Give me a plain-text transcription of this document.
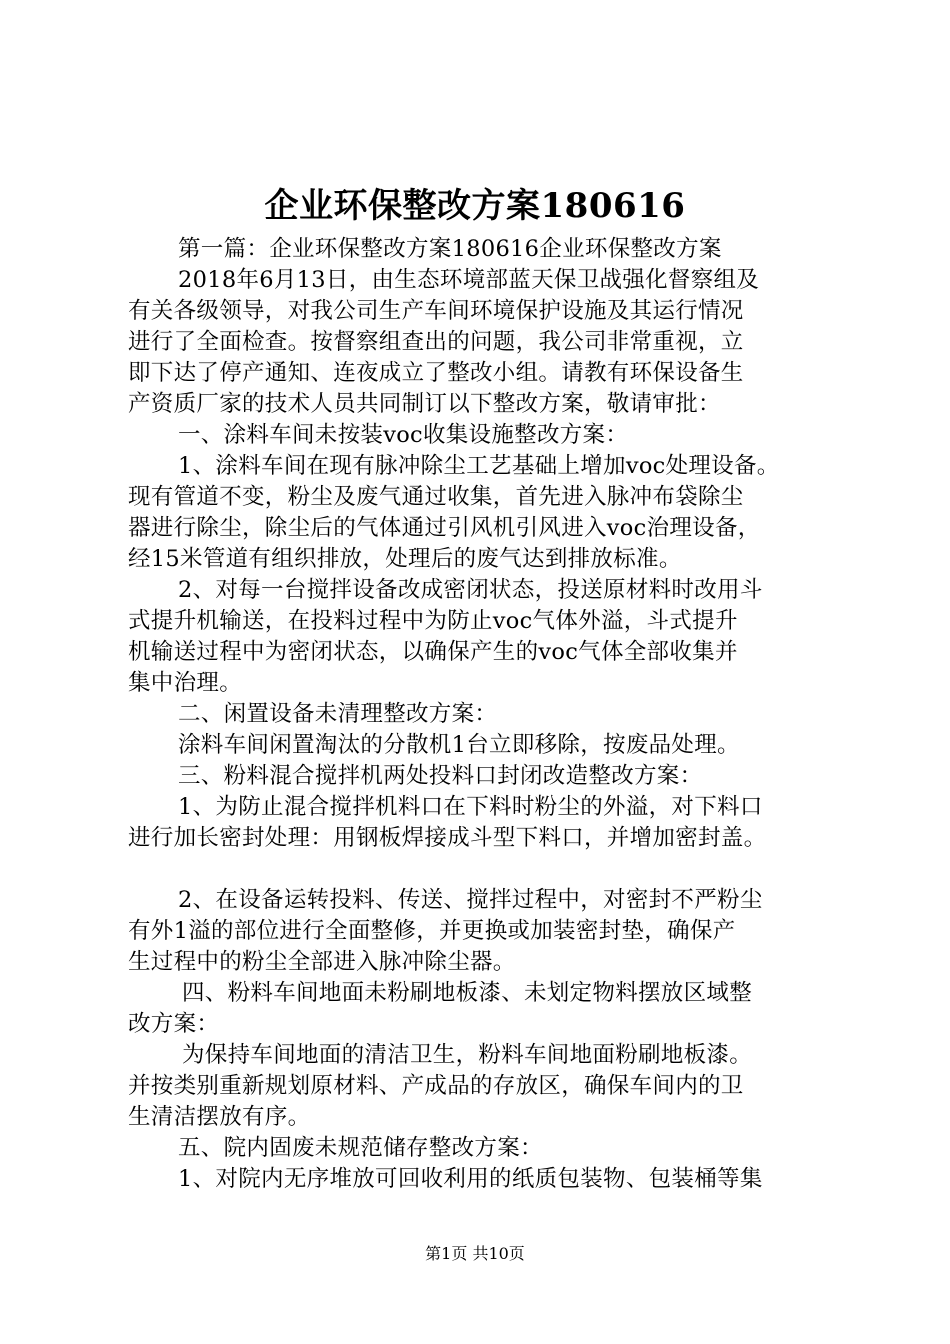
企业环保整改方案180616
第一篇：企业环保整改方案180616企业环保整改方案
2018年6月13日，由生态环境部蓝天保卫战强化督察组及
有关各级领导，对我公司生产车间环境保护设施及其运行情况
进行了全面检查。按督察组查出的问题，我公司非常重视，立
即下达了停产通知、连夜成立了整改小组。请教有环保设备生
产资质厂家的技术人员共同制订以下整改方案，敬请审批：
一、涂料车间未按装voc收集设施整改方案：
1、涂料车间在现有脉冲除尘工艺基础上增加voc处理设备。
现有管道不变，粉尘及废气通过收集，首先进入脉冲布袋除尘
器进行除尘，除尘后的气体通过引风机引风进入voc治理设备，
经15米管道有组织排放，处理后的废气达到排放标准。
2、对每一台搅拌设备改成密闭状态，投送原材料时改用斗
式提升机输送，在投料过程中为防止voc气体外溢，斗式提升
机输送过程中为密闭状态，以确保产生的voc气体全部收集并
集中治理。
二、闲置设备未清理整改方案：
涂料车间闲置淘汰的分散机1台立即移除，按废品处理。
三、粉料混合搅拌机两处投料口封闭改造整改方案：
1、为防止混合搅拌机料口在下料时粉尘的外溢，对下料口
进行加长密封处理：用钢板焊接成斗型下料口，并增加密封盖。
2、在设备运转投料、传送、搅拌过程中，对密封不严粉尘
有外1溢的部位进行全面整修，并更换或加装密封垫，确保产
生过程中的粉尘全部进入脉冲除尘器。
四、粉料车间地面未粉刷地板漆、未划定物料摆放区域整
改方案：
为保持车间地面的清洁卫生，粉料车间地面粉刷地板漆。
并按类别重新规划原材料、产成品的存放区，确保车间内的卫
生清洁摆放有序。
五、院内固废未规范储存整改方案：
1、对院内无序堆放可回收利用的纸质包装物、包装桶等集
第1页 共10页
